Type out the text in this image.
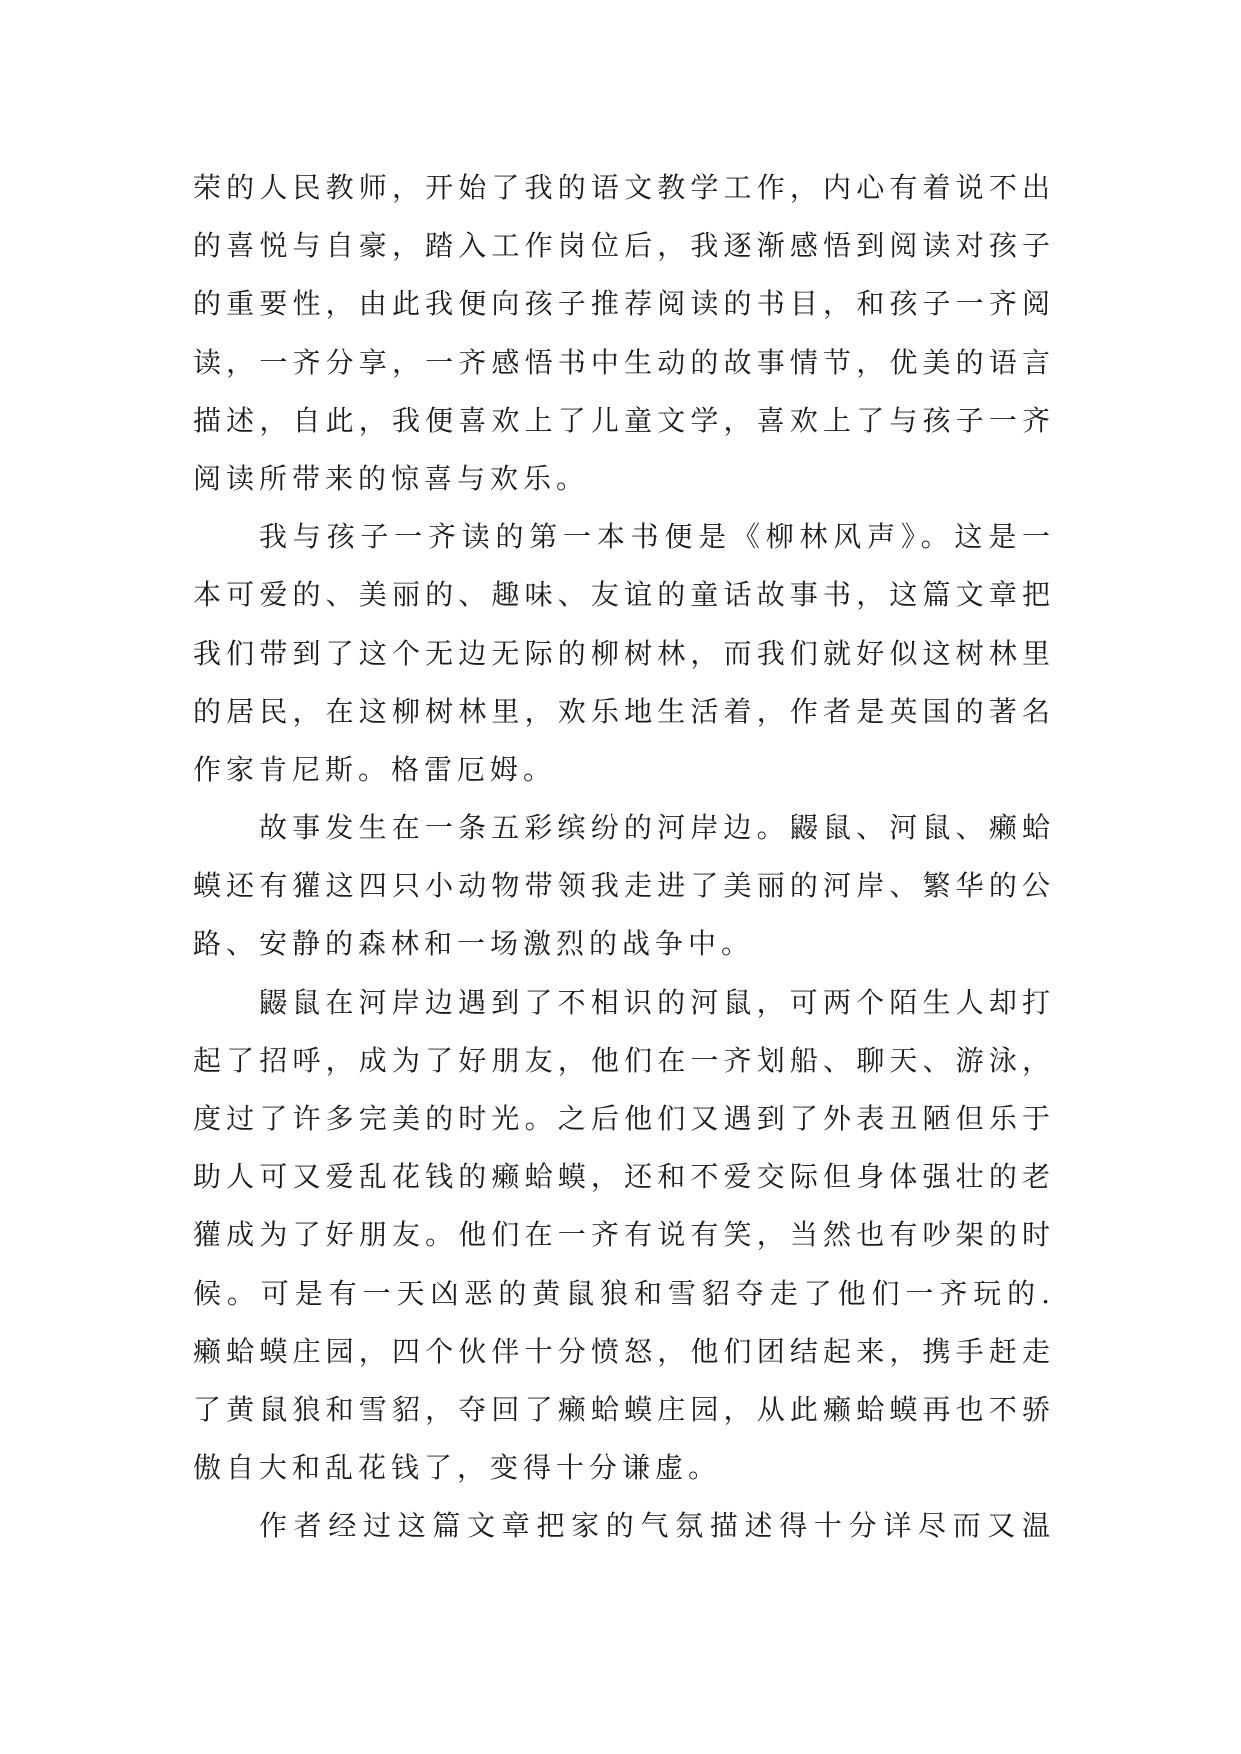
荣的人民教师，开始了我的语文教学工作，内心有着说不出
的喜悦与自豪，踏入工作岗位后，我逐渐感悟到阅读对孩子
的重要性，由此我便向孩子推荐阅读的书目，和孩子一齐阅
读，一齐分享，一齐感悟书中生动的故事情节，优美的语言
描述，自此，我便喜欢上了儿童文学，喜欢上了与孩子一齐
阅读所带来的惊喜与欢乐。
我与孩子一齐读的第一本书便是《柳林风声》。这是一
本可爱的、美丽的、趣味、友谊的童话故事书，这篇文章把
我们带到了这个无边无际的柳树林，而我们就好似这树林里
的居民，在这柳树林里，欢乐地生活着，作者是英国的著名
作家肯尼斯。格雷厄姆。
故事发生在一条五彩缤纷的河岸边。鼹鼠、河鼠、癞蛤
蟆还有獾这四只小动物带领我走进了美丽的河岸、繁华的公
路、安静的森林和一场激烈的战争中。
鼹鼠在河岸边遇到了不相识的河鼠，可两个陌生人却打
起了招呼，成为了好朋友，他们在一齐划船、聊天、游泳，
度过了许多完美的时光。之后他们又遇到了外表丑陋但乐于
助人可又爱乱花钱的癞蛤蟆，还和不爱交际但身体强壮的老
獾成为了好朋友。他们在一齐有说有笑，当然也有吵架的时
候。可是有一天凶恶的黄鼠狼和雪貂夺走了他们一齐玩的.
癞蛤蟆庄园，四个伙伴十分愤怒，他们团结起来，携手赶走
了黄鼠狼和雪貂，夺回了癞蛤蟆庄园，从此癞蛤蟆再也不骄
傲自大和乱花钱了，变得十分谦虚。
作者经过这篇文章把家的气氛描述得十分详尽而又温
